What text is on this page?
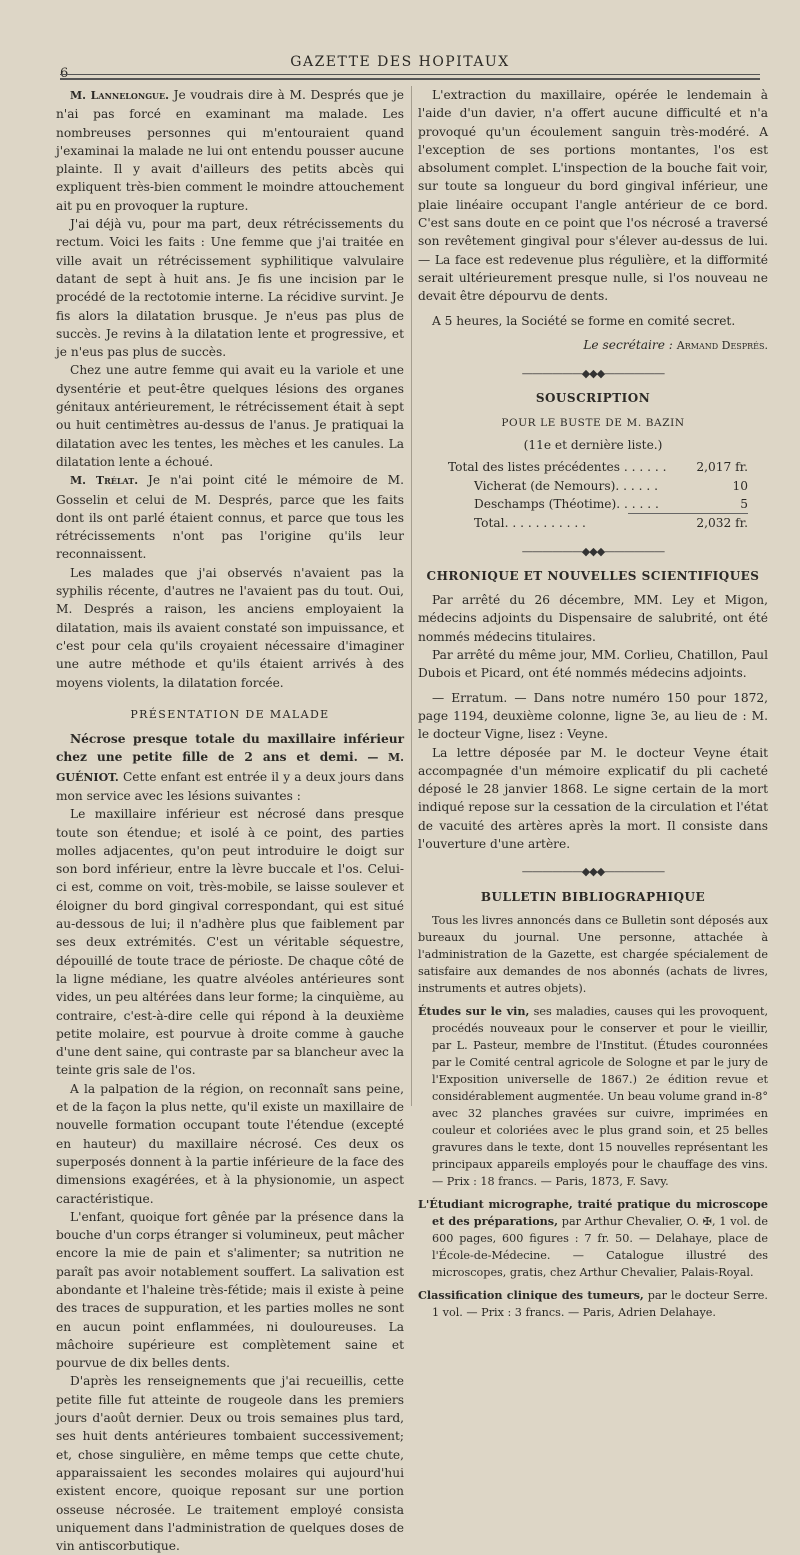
6
GAZETTE DES HOPITAUX

M. Lannelongue. Je voudrais dire à M. Després que je n'ai pas forcé en examinant ma malade. Les nombreuses personnes qui m'entouraient quand j'examinai la malade ne lui ont entendu pousser aucune plainte. Il y avait d'ailleurs des petits abcès qui expliquent très-bien comment le moindre attouchement ait pu en provoquer la rupture.

J'ai déjà vu, pour ma part, deux rétrécissements du rectum. Voici les faits : Une femme que j'ai traitée en ville avait un rétrécissement syphilitique valvulaire datant de sept à huit ans. Je fis une incision par le procédé de la rectotomie interne. La récidive survint. Je fis alors la dilatation brusque. Je n'eus pas plus de succès. Je revins à la dilatation lente et progressive, et je n'eus pas plus de succès.

Chez une autre femme qui avait eu la variole et une dysentérie et peut-être quelques lésions des organes génitaux antérieurement, le rétrécissement était à sept ou huit centimètres au-dessus de l'anus. Je pratiquai la dilatation avec les tentes, les mèches et les canules. La dilatation lente a échoué.

M. Trélat. Je n'ai point cité le mémoire de M. Gosselin et celui de M. Després, parce que les faits dont ils ont parlé étaient connus, et parce que tous les rétrécissements n'ont pas l'origine qu'ils leur reconnaissent.

Les malades que j'ai observés n'avaient pas la syphilis récente, d'autres ne l'avaient pas du tout. Oui, M. Després a raison, les anciens employaient la dilatation, mais ils avaient constaté son impuissance, et c'est pour cela qu'ils croyaient nécessaire d'imaginer une autre méthode et qu'ils étaient arrivés à des moyens violents, la dilatation forcée.

PRÉSENTATION DE MALADE

Nécrose presque totale du maxillaire inférieur chez une petite fille de 2 ans et demi. — M. GUÉNIOT. Cette enfant est entrée il y a deux jours dans mon service avec les lésions suivantes :

Le maxillaire inférieur est nécrosé dans presque toute son étendue; et isolé à ce point, des parties molles adjacentes, qu'on peut introduire le doigt sur son bord inférieur, entre la lèvre buccale et l'os. Celui-ci est, comme on voit, très-mobile, se laisse soulever et éloigner du bord gingival correspondant, qui est situé au-dessous de lui; il n'adhère plus que faiblement par ses deux extrémités. C'est un véritable séquestre, dépouillé de toute trace de périoste. De chaque côté de la ligne médiane, les quatre alvéoles antérieures sont vides, un peu altérées dans leur forme; la cinquième, au contraire, c'est-à-dire celle qui répond à la deuxième petite molaire, est pourvue à droite comme à gauche d'une dent saine, qui contraste par sa blancheur avec la teinte gris sale de l'os.

A la palpation de la région, on reconnaît sans peine, et de la façon la plus nette, qu'il existe un maxillaire de nouvelle formation occupant toute l'étendue (excepté en hauteur) du maxillaire nécrosé. Ces deux os superposés donnent à la partie inférieure de la face des dimensions exagérées, et à la physionomie, un aspect caractéristique.

L'enfant, quoique fort gênée par la présence dans la bouche d'un corps étranger si volumineux, peut mâcher encore la mie de pain et s'alimenter; sa nutrition ne paraît pas avoir notablement souffert. La salivation est abondante et l'haleine très-fétide; mais il existe à peine des traces de suppuration, et les parties molles ne sont en aucun point enflammées, ni douloureuses. La mâchoire supérieure est complètement saine et pourvue de dix belles dents.

D'après les renseignements que j'ai recueillis, cette petite fille fut atteinte de rougeole dans les premiers jours d'août dernier. Deux ou trois semaines plus tard, ses huit dents antérieures tombaient successivement; et, chose singulière, en même temps que cette chute, apparaissaient les secondes molaires qui aujourd'hui existent encore, quoique reposant sur une portion osseuse nécrosée. Le traitement employé consista uniquement dans l'administration de quelques doses de vin antiscorbutique.

L'extraction du maxillaire, opérée le lendemain à l'aide d'un davier, n'a offert aucune difficulté et n'a provoqué qu'un écoulement sanguin très-modéré. A l'exception de ses portions montantes, l'os est absolument complet. L'inspection de la bouche fait voir, sur toute sa longueur du bord gingival inférieur, une plaie linéaire occupant l'angle antérieur de ce bord. C'est sans doute en ce point que l'os nécrosé a traversé son revêtement gingival pour s'élever au-dessus de lui. — La face est redevenue plus régulière, et la difformité serait ultérieurement presque nulle, si l'os nouveau ne devait être dépourvu de dents.

A 5 heures, la Société se forme en comité secret.

Le secrétaire : Armand Després.
——————◆◆◆——————
SOUSCRIPTION
POUR LE BUSTE DE M. BAZIN
(11e et dernière liste.)
Total des listes précédentes . . . . . . 2,017 fr.
Vicherat (de Nemours). . . . . .	10
Deschamps (Théotime). . . . . .	5
Total. . . . . . . . . . .	2,032 fr.
——————◆◆◆——————
CHRONIQUE ET NOUVELLES SCIENTIFIQUES

Par arrêté du 26 décembre, MM. Ley et Migon, médecins adjoints du Dispensaire de salubrité, ont été nommés médecins titulaires.

Par arrêté du même jour, MM. Corlieu, Chatillon, Paul Dubois et Picard, ont été nommés médecins adjoints.

— Erratum. — Dans notre numéro 150 pour 1872, page 1194, deuxième colonne, ligne 3e, au lieu de : M. le docteur Vigne, lisez : Veyne.

La lettre déposée par M. le docteur Veyne était accompagnée d'un mémoire explicatif du pli cacheté déposé le 28 janvier 1868. Le signe certain de la mort indiqué repose sur la cessation de la circulation et l'état de vacuité des artères après la mort. Il consiste dans l'ouverture d'une artère.

——————◆◆◆——————
BULLETIN BIBLIOGRAPHIQUE

Tous les livres annoncés dans ce Bulletin sont déposés aux bureaux du journal. Une personne, attachée à l'administration de la Gazette, est chargée spécialement de satisfaire aux demandes de nos abonnés (achats de livres, instruments et autres objets).

Études sur le vin, ses maladies, causes qui les provoquent, procédés nouveaux pour le conserver et pour le vieillir, par L. Pasteur, membre de l'Institut. (Études couronnées par le Comité central agricole de Sologne et par le jury de l'Exposition universelle de 1867.) 2e édition revue et considérablement augmentée. Un beau volume grand in-8° avec 32 planches gravées sur cuivre, imprimées en couleur et coloriées avec le plus grand soin, et 25 belles gravures dans le texte, dont 15 nouvelles représentant les principaux appareils employés pour le chauffage des vins. — Prix : 18 francs. — Paris, 1873, F. Savy.

L'Étudiant micrographe, traité pratique du microscope et des préparations, par Arthur Chevalier, O. ✠, 1 vol. de 600 pages, 600 figures : 7 fr. 50. — Delahaye, place de l'École-de-Médecine. — Catalogue illustré des microscopes, gratis, chez Arthur Chevalier, Palais-Royal.

Classification clinique des tumeurs, par le docteur Serre. 1 vol. — Prix : 3 francs. — Paris, Adrien Delahaye.
